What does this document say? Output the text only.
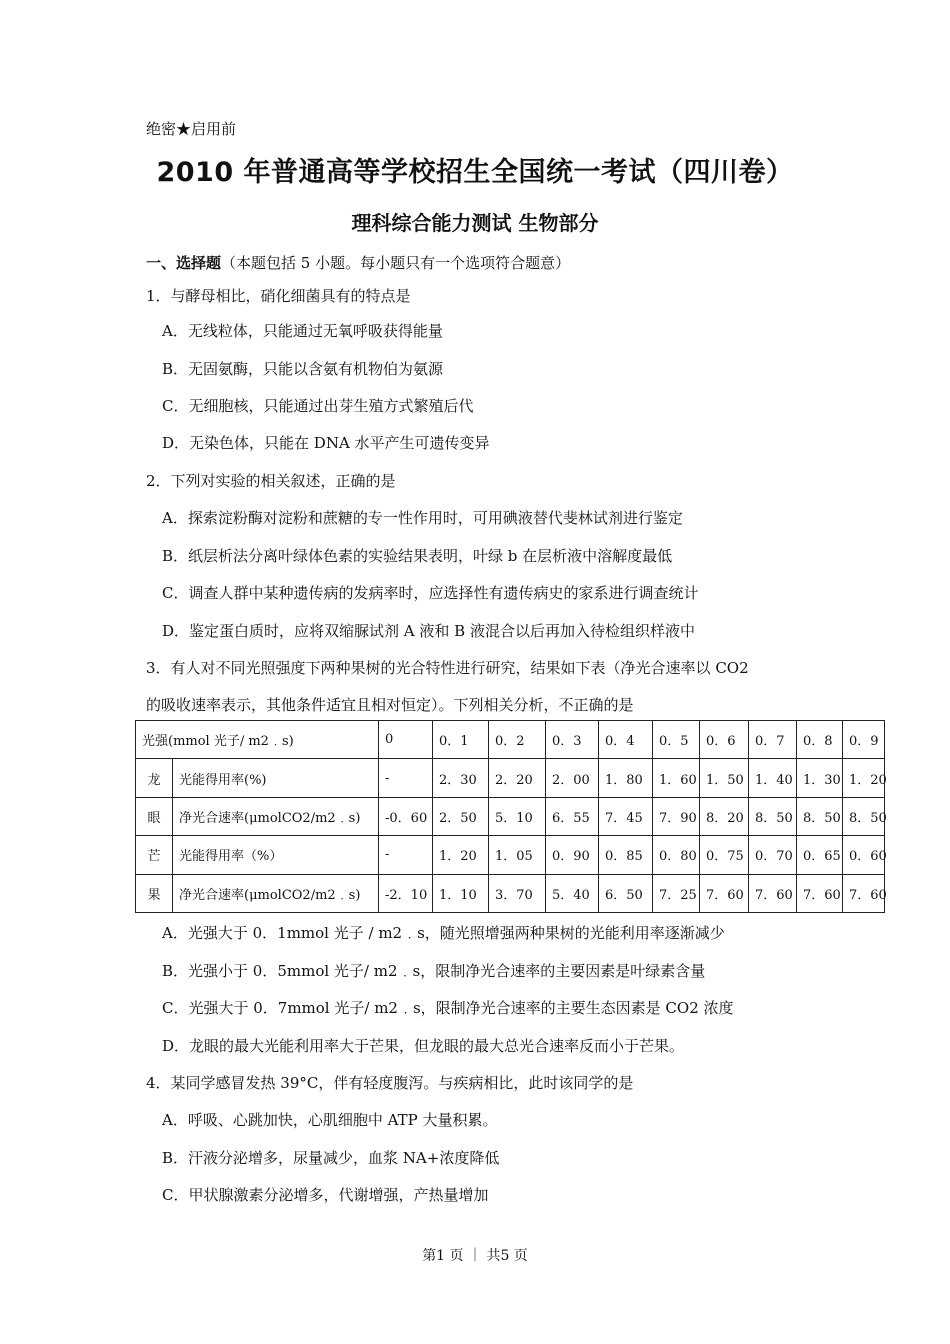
绝密★启用前
2010 年普通高等学校招生全国统一考试（四川卷）
理科综合能力测试 生物部分
一、选择题（本题包括 5 小题。每小题只有一个选项符合题意）
1．与酵母相比，硝化细菌具有的特点是
A．无线粒体，只能通过无氧呼吸获得能量
B．无固氨酶，只能以含氨有机物伯为氨源
C．无细胞核，只能通过出芽生殖方式繁殖后代
D．无染色体，只能在 DNA 水平产生可遗传变异
2．下列对实验的相关叙述，正确的是
A．探索淀粉酶对淀粉和蔗糖的专一性作用时，可用碘液替代斐林试剂进行鉴定
B．纸层析法分离叶绿体色素的实验结果表明，叶绿 b 在层析液中溶解度最低
C．调查人群中某种遗传病的发病率时，应选择性有遗传病史的家系进行调查统计
D．鉴定蛋白质时，应将双缩脲试剂 A 液和 B 液混合以后再加入待检组织样液中
3．有人对不同光照强度下两种果树的光合特性进行研究，结果如下表（净光合速率以 CO2
的吸收速率表示，其他条件适宜且相对恒定）。下列相关分析，不正确的是
光强(mmol 光子/ m2﹒s)		0	0．1	0．2	0．3	0．4	0．5	0．6	0．7	0．8	0．9
龙	光能得用率(%)	-	2．30	2．20	2．00	1．80	1．60	1．50	1．40	1．30	1．20
眼	净光合速率(μmolCO2/m2﹒s)	-0．60	2．50	5．10	6．55	7．45	7．90	8．20	8．50	8．50	8．50
芒	光能得用率（%）	-	1．20	1．05	0．90	0．85	0．80	0．75	0．70	0．65	0．60
果	净光合速率(μmolCO2/m2﹒s)	-2．10	1．10	3．70	5．40	6．50	7．25	7．60	7．60	7．60	7．60
A．光强大于 0．1mmol 光子 / m2﹒s，随光照增强两种果树的光能利用率逐渐减少
B．光强小于 0．5mmol 光子/ m2﹒s，限制净光合速率的主要因素是叶绿素含量
C．光强大于 0．7mmol 光子/ m2﹒s，限制净光合速率的主要生态因素是 CO2 浓度
D．龙眼的最大光能利用率大于芒果，但龙眼的最大总光合速率反而小于芒果。
4．某同学感冒发热 39°C，伴有轻度腹泻。与疾病相比，此时该同学的是
A．呼吸、心跳加快，心肌细胞中 ATP 大量积累。
B．汗液分泌增多，尿量减少，血浆 NA+浓度降低
C．甲状腺激素分泌增多，代谢增强，产热量增加
第1 页 ｜ 共5 页
